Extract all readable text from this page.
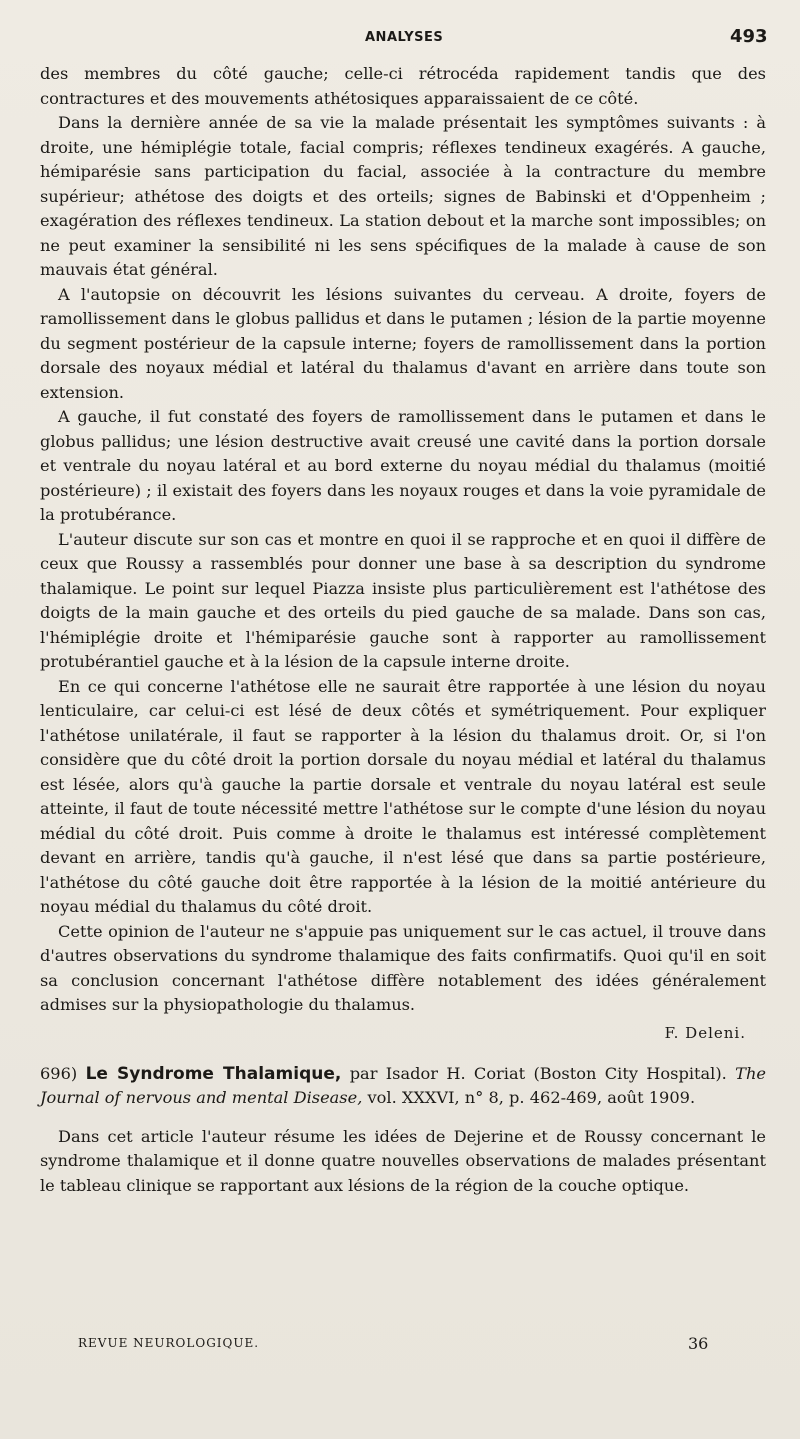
ANALYSES	493

des membres du côté gauche; celle-ci rétrocéda rapidement tandis que des contractures et des mouvements athétosiques apparaissaient de ce côté.

Dans la dernière année de sa vie la malade présentait les symptômes suivants : à droite, une hémiplégie totale, facial compris; réflexes tendineux exagérés. A gauche, hémiparésie sans participation du facial, associée à la contracture du membre supérieur; athétose des doigts et des orteils; signes de Babinski et d'Oppenheim ; exagération des réflexes tendineux. La station debout et la marche sont impossibles; on ne peut examiner la sensibilité ni les sens spécifiques de la malade à cause de son mauvais état général.

A l'autopsie on découvrit les lésions suivantes du cerveau. A droite, foyers de ramollissement dans le globus pallidus et dans le putamen ; lésion de la partie moyenne du segment postérieur de la capsule interne; foyers de ramollissement dans la portion dorsale des noyaux médial et latéral du thalamus d'avant en arrière dans toute son extension.

A gauche, il fut constaté des foyers de ramollissement dans le putamen et dans le globus pallidus; une lésion destructive avait creusé une cavité dans la portion dorsale et ventrale du noyau latéral et au bord externe du noyau médial du thalamus (moitié postérieure) ; il existait des foyers dans les noyaux rouges et dans la voie pyramidale de la protubérance.

L'auteur discute sur son cas et montre en quoi il se rapproche et en quoi il diffère de ceux que Roussy a rassemblés pour donner une base à sa description du syndrome thalamique. Le point sur lequel Piazza insiste plus particulièrement est l'athétose des doigts de la main gauche et des orteils du pied gauche de sa malade. Dans son cas, l'hémiplégie droite et l'hémiparésie gauche sont à rapporter au ramollissement protubérantiel gauche et à la lésion de la capsule interne droite.

En ce qui concerne l'athétose elle ne saurait être rapportée à une lésion du noyau lenticulaire, car celui-ci est lésé de deux côtés et symétriquement. Pour expliquer l'athétose unilatérale, il faut se rapporter à la lésion du thalamus droit. Or, si l'on considère que du côté droit la portion dorsale du noyau médial et latéral du thalamus est lésée, alors qu'à gauche la partie dorsale et ventrale du noyau latéral est seule atteinte, il faut de toute nécessité mettre l'athétose sur le compte d'une lésion du noyau médial du côté droit. Puis comme à droite le thalamus est intéressé complètement devant en arrière, tandis qu'à gauche, il n'est lésé que dans sa partie postérieure, l'athétose du côté gauche doit être rapportée à la lésion de la moitié antérieure du noyau médial du thalamus du côté droit.

Cette opinion de l'auteur ne s'appuie pas uniquement sur le cas actuel, il trouve dans d'autres observations du syndrome thalamique des faits confirmatifs. Quoi qu'il en soit sa conclusion concernant l'athétose diffère notablement des idées généralement admises sur la physiopathologie du thalamus.

F. Deleni.

696) Le Syndrome Thalamique, par Isador H. Coriat (Boston City Hospital). The Journal of nervous and mental Disease, vol. XXXVI, n° 8, p. 462-469, août 1909.

Dans cet article l'auteur résume les idées de Dejerine et de Roussy concernant le syndrome thalamique et il donne quatre nouvelles observations de malades présentant le tableau clinique se rapportant aux lésions de la région de la couche optique.

REVUE NEUROLOGIQUE.	36
